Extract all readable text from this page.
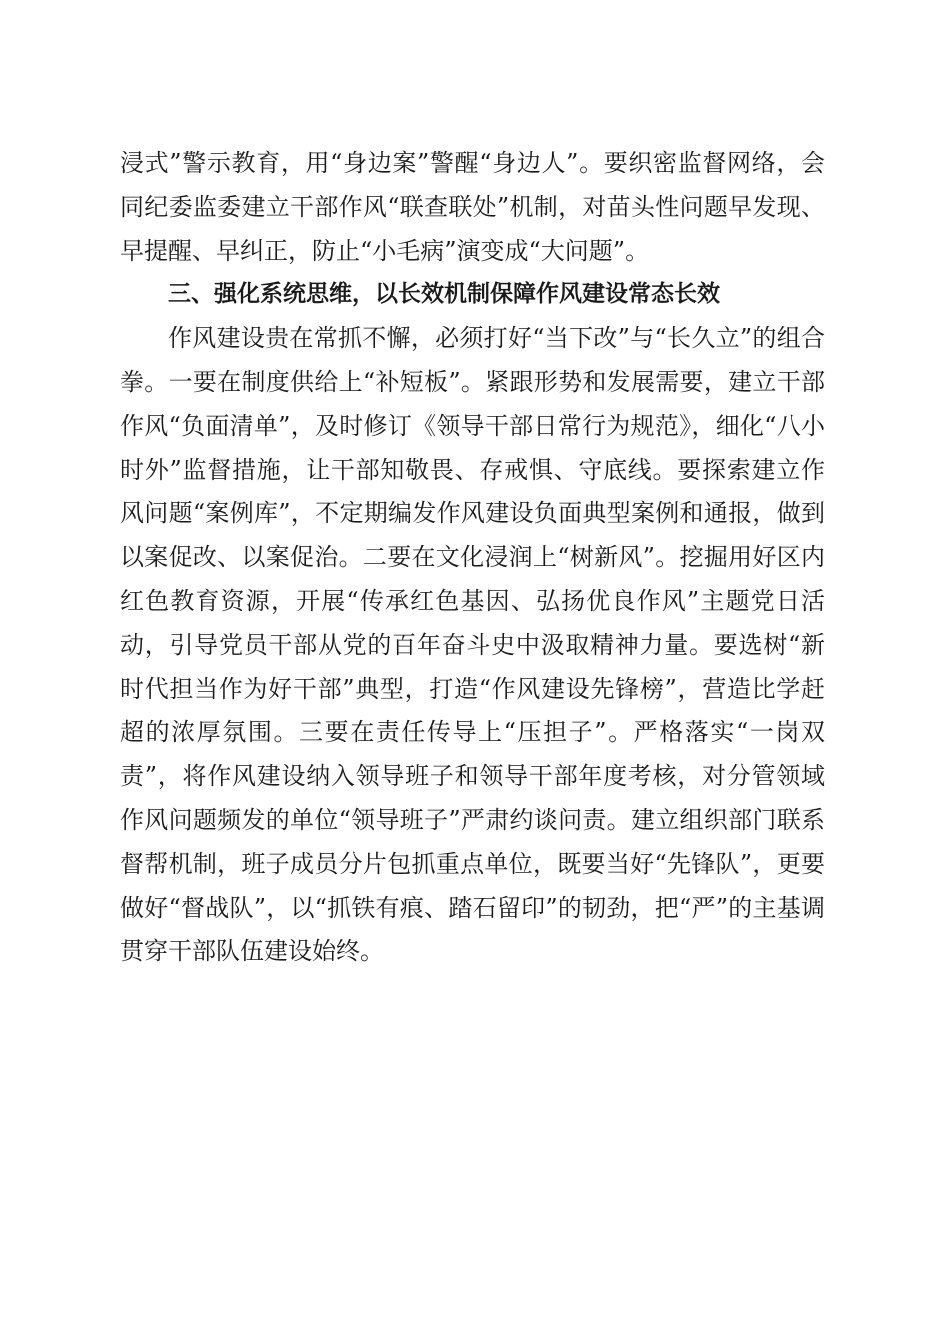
浸式”警示教育，用“身边案”警醒“身边人”。要织密监督网络，会同纪委监委建立干部作风“联查联处”机制，对苗头性问题早发现、早提醒、早纠正，防止“小毛病”演变成“大问题”。

三、强化系统思维，以长效机制保障作风建设常态长效

作风建设贵在常抓不懈，必须打好“当下改”与“长久立”的组合拳。一要在制度供给上“补短板”。紧跟形势和发展需要，建立干部作风“负面清单”，及时修订《领导干部日常行为规范》，细化“八小时外”监督措施，让干部知敬畏、存戒惧、守底线。要探索建立作风问题“案例库”，不定期编发作风建设负面典型案例和通报，做到以案促改、以案促治。二要在文化浸润上“树新风”。挖掘用好区内红色教育资源，开展“传承红色基因、弘扬优良作风”主题党日活动，引导党员干部从党的百年奋斗史中汲取精神力量。要选树“新时代担当作为好干部”典型，打造“作风建设先锋榜”，营造比学赶超的浓厚氛围。三要在责任传导上“压担子”。严格落实“一岗双责”，将作风建设纳入领导班子和领导干部年度考核，对分管领域作风问题频发的单位“领导班子”严肃约谈问责。建立组织部门联系督帮机制，班子成员分片包抓重点单位，既要当好“先锋队”，更要做好“督战队”，以“抓铁有痕、踏石留印”的韧劲，把“严”的主基调贯穿干部队伍建设始终。
